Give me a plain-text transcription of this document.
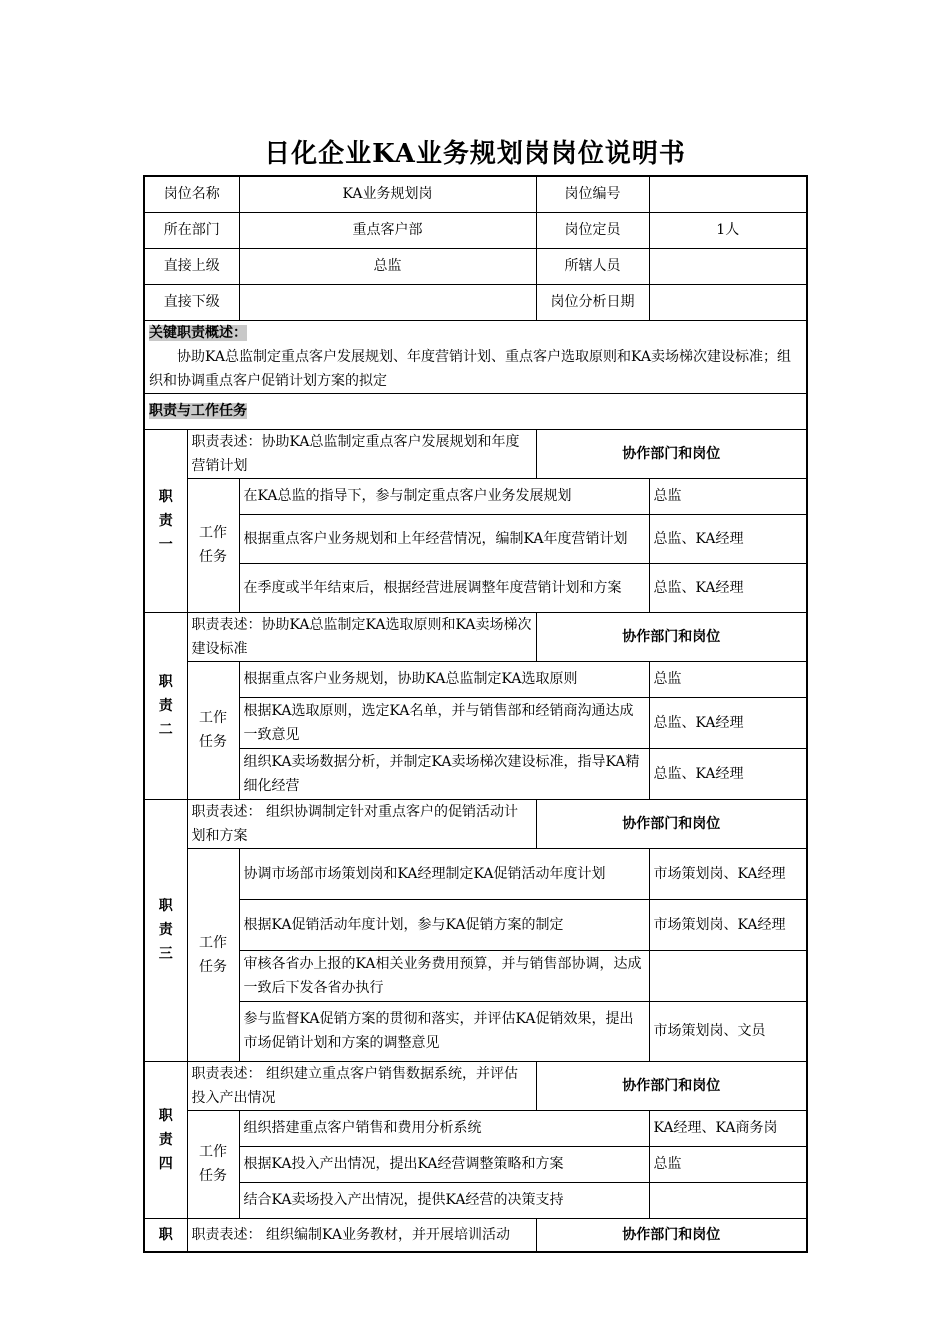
日化企业KA业务规划岗岗位说明书
岗位名称		KA业务规划岗	岗位编号	
所在部门		重点客户部	岗位定员	1人
直接上级		总监	所辖人员	
直接下级			岗位分析日期	

关键职责概述：
协助KA总监制定重点客户发展规划、年度营销计划、重点客户选取原则和KA卖场梯次建设标准；组织和协调重点客户促销计划方案的拟定				

职责与工作任务				

职责一	职责表述：协助KA总监制定重点客户发展规划和年度营销计划		协作部门和岗位	

	工作任务	在KA总监的指导下，参与制定重点客户业务发展规划		总监
		根据重点客户业务规划和上年经营情况，编制KA年度营销计划		总监、KA经理
		在季度或半年结束后，根据经营进展调整年度营销计划和方案		总监、KA经理

职责二	职责表述：协助KA总监制定KA选取原则和KA卖场梯次建设标准		协作部门和岗位	

	工作任务	根据重点客户业务规划，协助KA总监制定KA选取原则		总监
		根据KA选取原则，选定KA名单，并与销售部和经销商沟通达成一致意见		总监、KA经理
		组织KA卖场数据分析，并制定KA卖场梯次建设标准，指导KA精细化经营		总监、KA经理

职责三	职责表述： 组织协调制定针对重点客户的促销活动计划和方案		协作部门和岗位	

	工作任务	协调市场部市场策划岗和KA经理制定KA促销活动年度计划		市场策划岗、KA经理
		根据KA促销活动年度计划，参与KA促销方案的制定		市场策划岗、KA经理
		审核各省办上报的KA相关业务费用预算，并与销售部协调，达成一致后下发各省办执行		
		参与监督KA促销方案的贯彻和落实，并评估KA促销效果，提出市场促销计划和方案的调整意见		市场策划岗、文员

职责四	职责表述： 组织建立重点客户销售数据系统，并评估投入产出情况		协作部门和岗位	

	工作任务	组织搭建重点客户销售和费用分析系统		KA经理、KA商务岗
		根据KA投入产出情况，提出KA经营调整策略和方案		总监
		结合KA卖场投入产出情况，提供KA经营的决策支持		
职	职责表述： 组织编制KA业务教材，并开展培训活动		协作部门和岗位	
